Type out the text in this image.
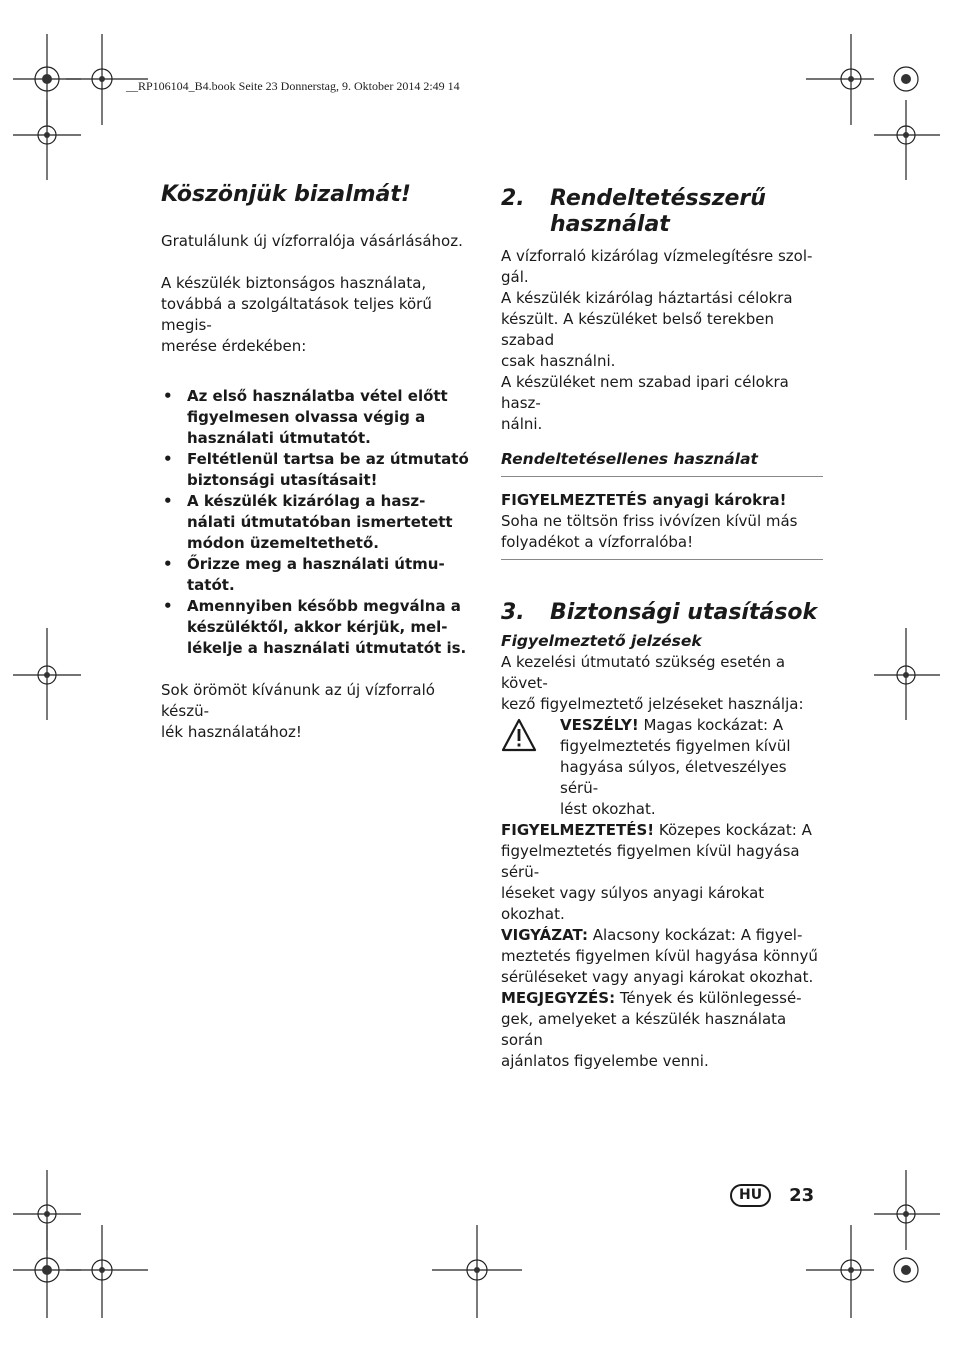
__RP106104_B4.book Seite 23 Donnerstag, 9. Oktober 2014 2:49 14
Köszönjük bizalmát!

Gratulálunk új vízforralója vásárlásához.

A készülék biztonságos használata,
továbbá a szolgáltatások teljes körű megis-
merése érdekében:

• Az első használatba vétel előtt
figyelmesen olvassa végig a
használati útmutatót.
• Feltétlenül tartsa be az útmutató
biztonsági utasításait!
• A készülék kizárólag a hasz-
nálati útmutatóban ismertetett
módon üzemeltethető.
• Őrizze meg a használati útmu-
tatót.
• Amennyiben később megválna a
készüléktől, akkor kérjük, mel-
lékelje a használati útmutatót is.

Sok örömöt kívánunk az új vízforraló készü-
lék használatához!

2.	Rendeltetésszerű
használat

A vízforraló kizárólag vízmelegítésre szol-
gál.
A készülék kizárólag háztartási célokra
készült. A készüléket belső terekben szabad
csak használni.
A készüléket nem szabad ipari célokra hasz-
nálni.

Rendeltetésellenes használat

FIGYELMEZTETÉS anyagi károkra!

Soha ne töltsön friss ivóvízen kívül más
folyadékot a vízforralóba!

3.	Biztonsági utasítások
Figyelmeztető jelzések

A kezelési útmutató szükség esetén a követ-
kező figyelmeztető jelzéseket használja:

VESZÉLY! Magas kockázat: A
figyelmeztetés figyelmen kívül
hagyása súlyos, életveszélyes sérü-
lést okozhat.

FIGYELMEZTETÉS! Közepes kockázat: A
figyelmeztetés figyelmen kívül hagyása sérü-
léseket vagy súlyos anyagi károkat okozhat.

VIGYÁZAT: Alacsony kockázat: A figyel-
meztetés figyelmen kívül hagyása könnyű
sérüléseket vagy anyagi károkat okozhat.

MEGJEGYZÉS: Tények és különlegessé-
gek, amelyeket a készülék használata során
ajánlatos figyelembe venni.

HU	23
